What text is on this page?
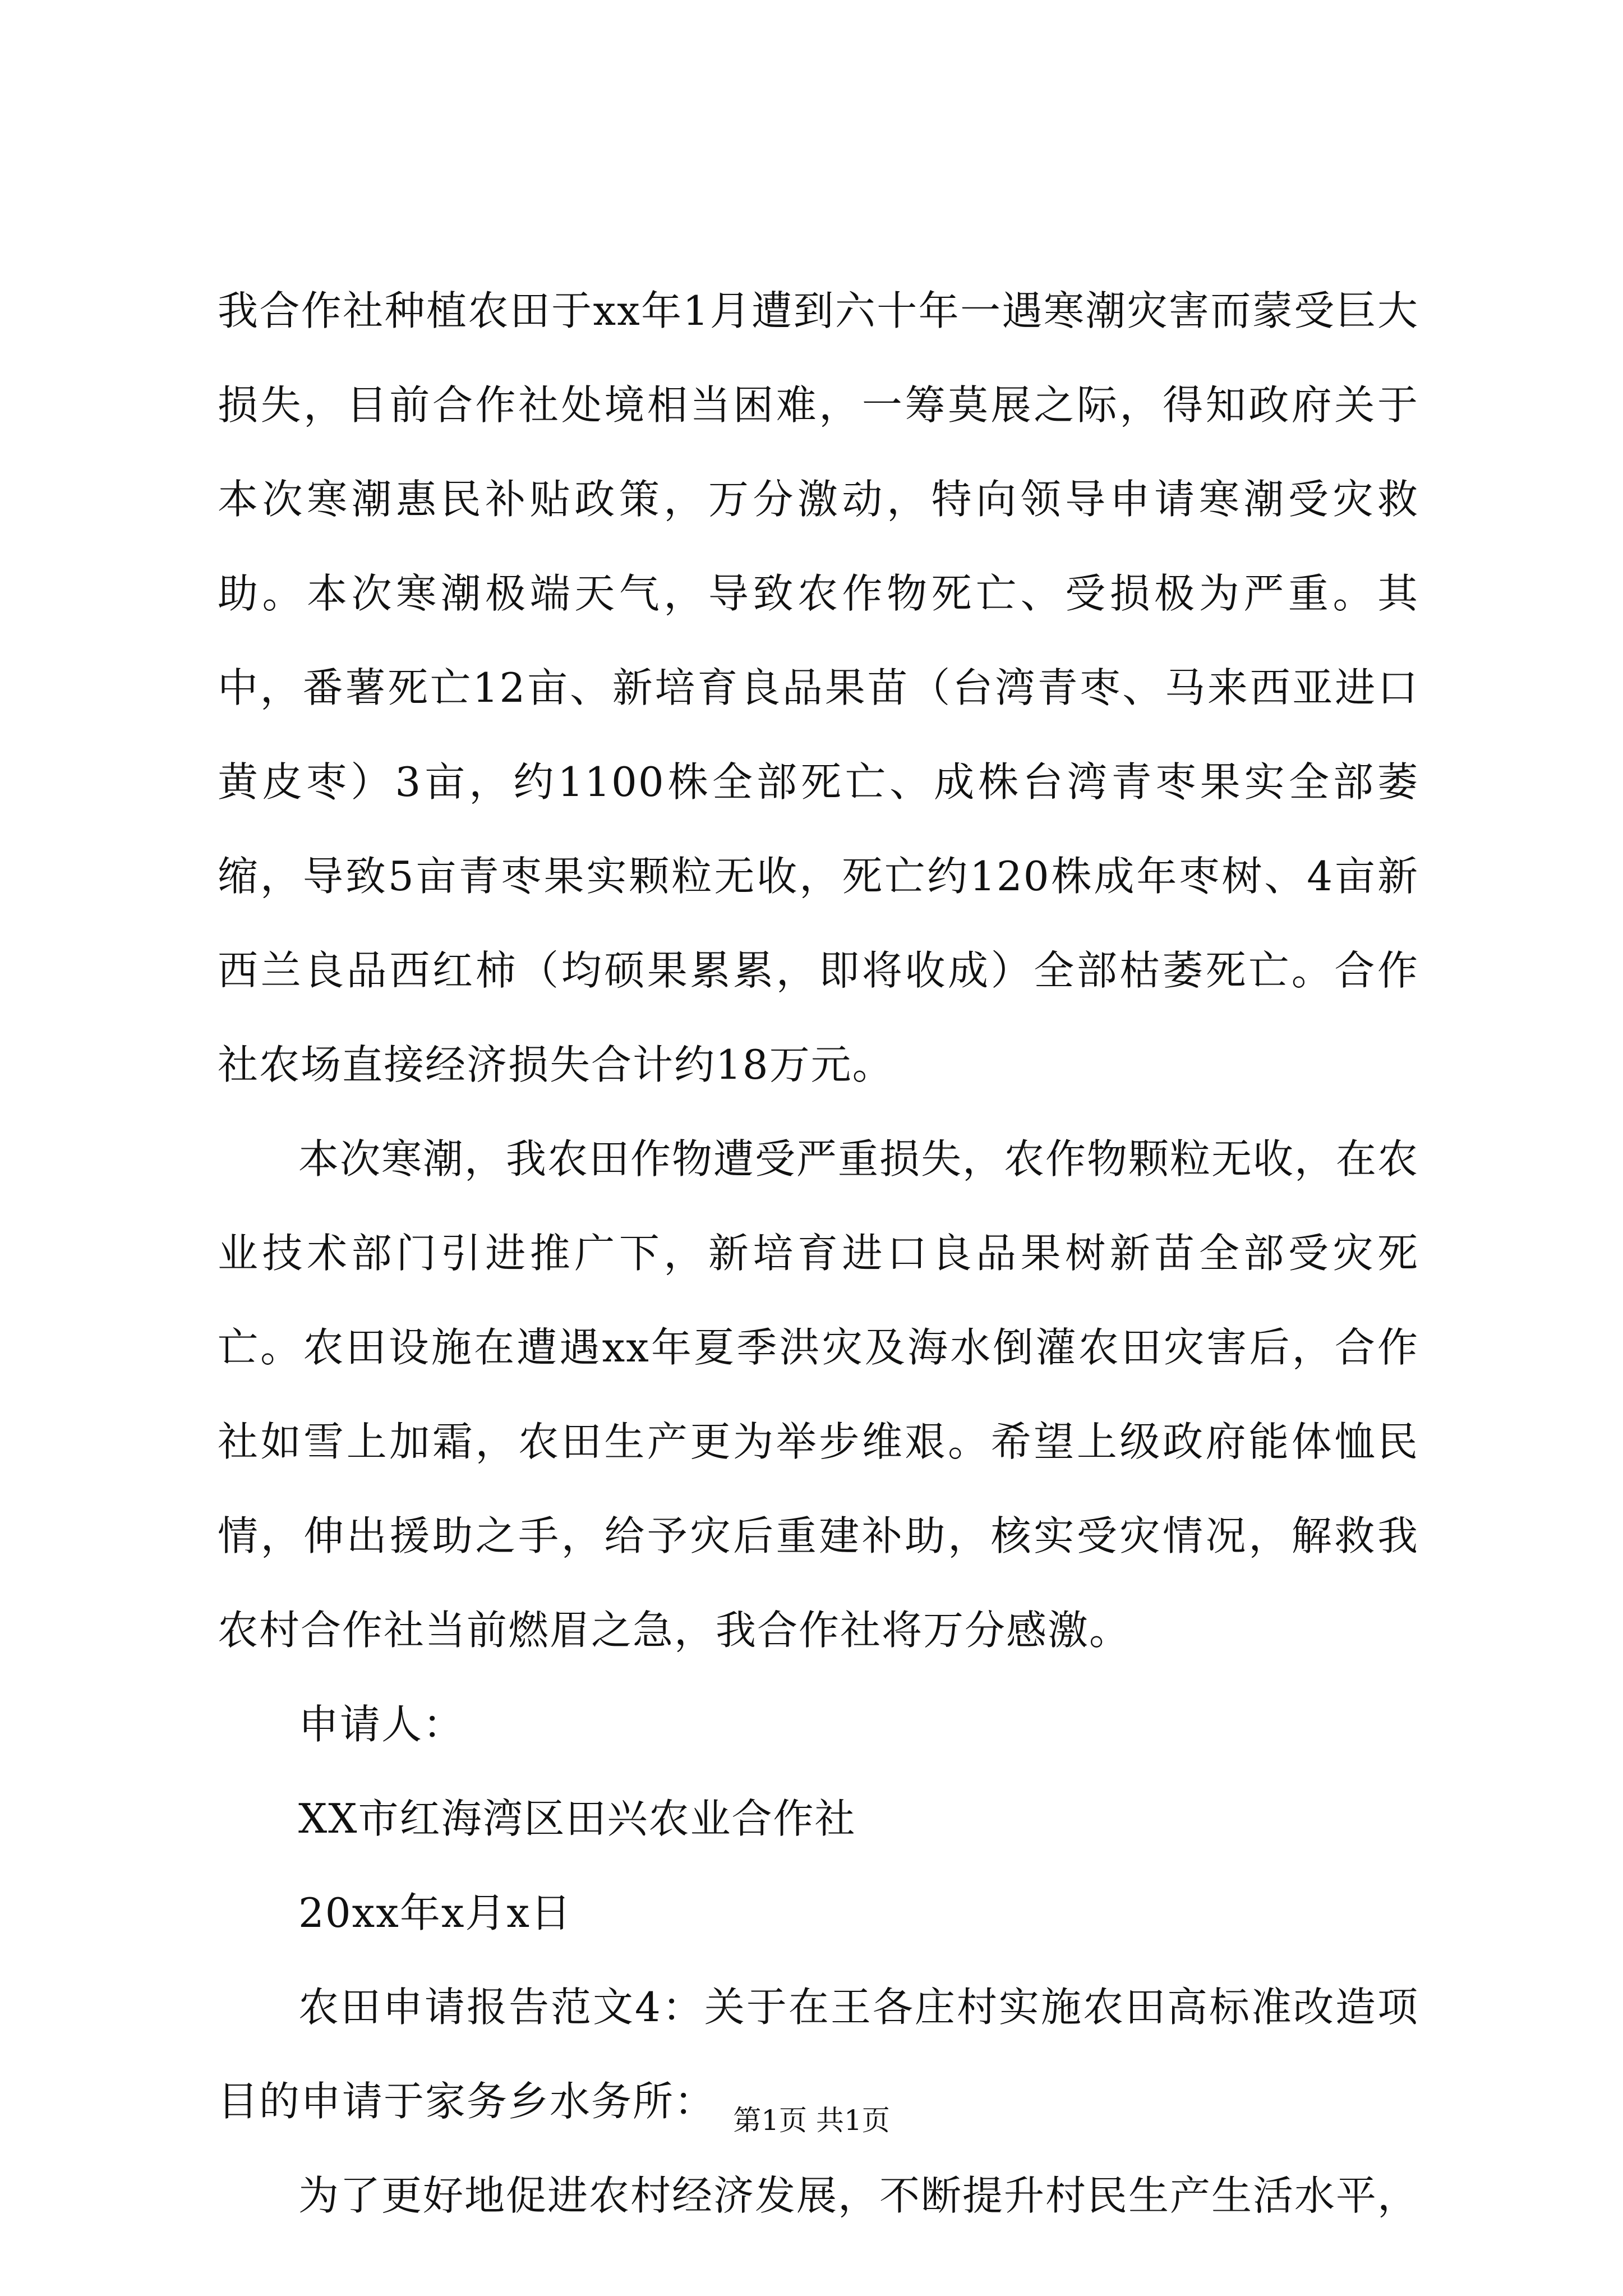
我合作社种植农田于xx年1月遭到六十年一遇寒潮灾害而蒙受巨大损失，目前合作社处境相当困难，一筹莫展之际，得知政府关于本次寒潮惠民补贴政策，万分激动，特向领导申请寒潮受灾救助。本次寒潮极端天气，导致农作物死亡、受损极为严重。其中，番薯死亡12亩、新培育良品果苗（台湾青枣、马来西亚进口黄皮枣）3亩，约1100株全部死亡、成株台湾青枣果实全部萎缩，导致5亩青枣果实颗粒无收，死亡约120株成年枣树、4亩新西兰良品西红柿（均硕果累累，即将收成）全部枯萎死亡。合作社农场直接经济损失合计约18万元。

本次寒潮，我农田作物遭受严重损失，农作物颗粒无收，在农业技术部门引进推广下，新培育进口良品果树新苗全部受灾死亡。农田设施在遭遇xx年夏季洪灾及海水倒灌农田灾害后，合作社如雪上加霜，农田生产更为举步维艰。希望上级政府能体恤民情，伸出援助之手，给予灾后重建补助，核实受灾情况，解救我农村合作社当前燃眉之急，我合作社将万分感激。

申请人：

XX市红海湾区田兴农业合作社

20xx年x月x日

农田申请报告范文4：关于在王各庄村实施农田高标准改造项目的申请于家务乡水务所：

为了更好地促进农村经济发展，不断提升村民生产生活水平，

第1页 共1页
